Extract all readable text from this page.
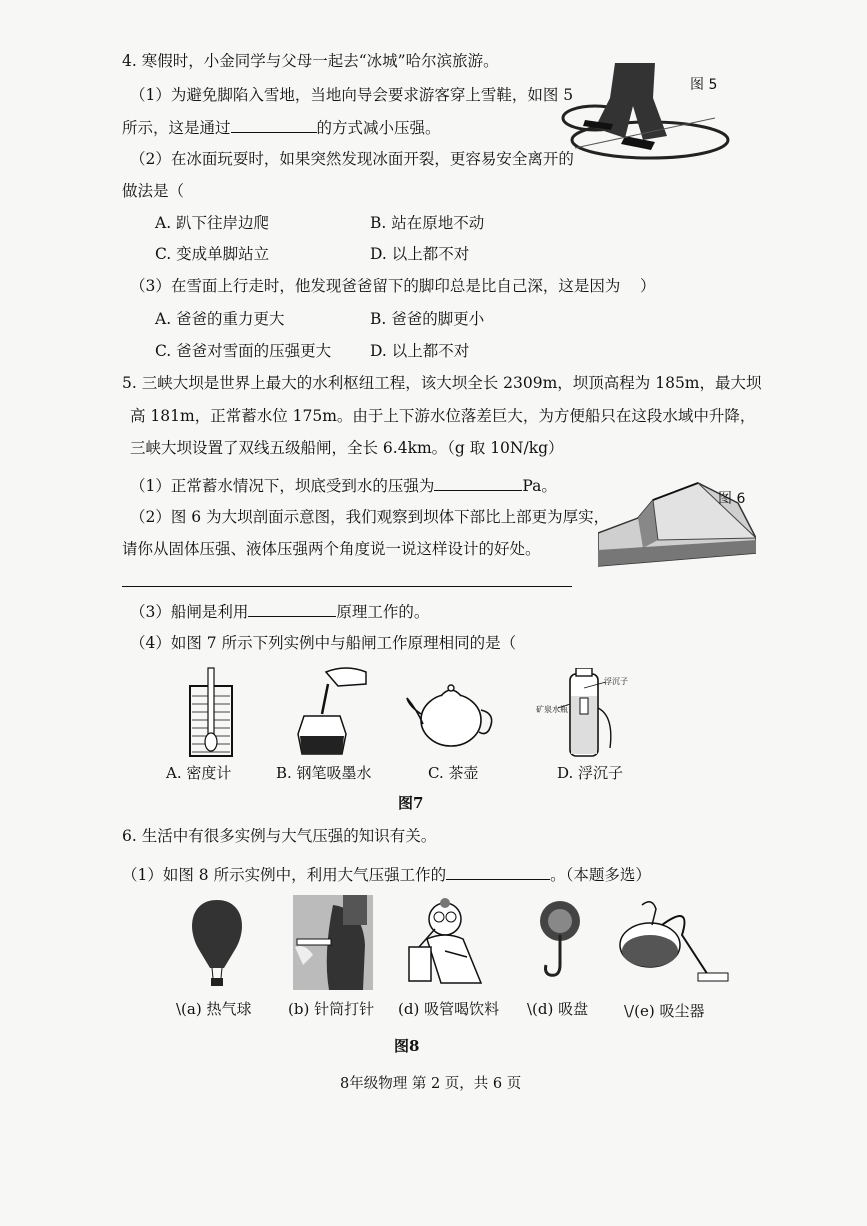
4. 寒假时，小金同学与父母一起去“冰城”哈尔滨旅游。
图 5
（1）为避免脚陷入雪地，当地向导会要求游客穿上雪鞋，如图 5
所示，这是通过	的方式减小压强。
（2）在冰面玩耍时，如果突然发现冰面开裂，更容易安全离开的
做法是（
A. 趴下往岸边爬	B. 站在原地不动
C. 变成单脚站立	D. 以上都不对
（3）在雪面上行走时，他发现爸爸留下的脚印总是比自己深，这是因为 ）
A. 爸爸的重力更大	B. 爸爸的脚更小
C. 爸爸对雪面的压强更大	D. 以上都不对
5. 三峡大坝是世界上最大的水利枢纽工程，该大坝全长 2309m，坝顶高程为 185m，最大坝
高 181m，正常蓄水位 175m。由于上下游水位落差巨大，为方便船只在这段水域中升降，
三峡大坝设置了双线五级船闸，全长 6.4km。（g 取 10N/kg）
（1）正常蓄水情况下，坝底受到水的压强为	Pa。
（2）图 6 为大坝剖面示意图，我们观察到坝体下部比上部更为厚实，
请你从固体压强、液体压强两个角度说一说这样设计的好处。
图 6
（3）船闸是利用	原理工作的。
（4）如图 7 所示下列实例中与船闸工作原理相同的是（
浮沉子
矿泉水瓶
A. 密度计	B. 钢笔吸墨水	C. 茶壶	D. 浮沉子
图7
6. 生活中有很多实例与大气压强的知识有关。
（1）如图 8 所示实例中，利用大气压强工作的	。（本题多选）
\(a) 热气球 (b) 针筒打针 (d) 吸管喝饮料 \(d) 吸盘 \/(e) 吸尘器
图8
8年级物理 第 2 页，共 6 页
